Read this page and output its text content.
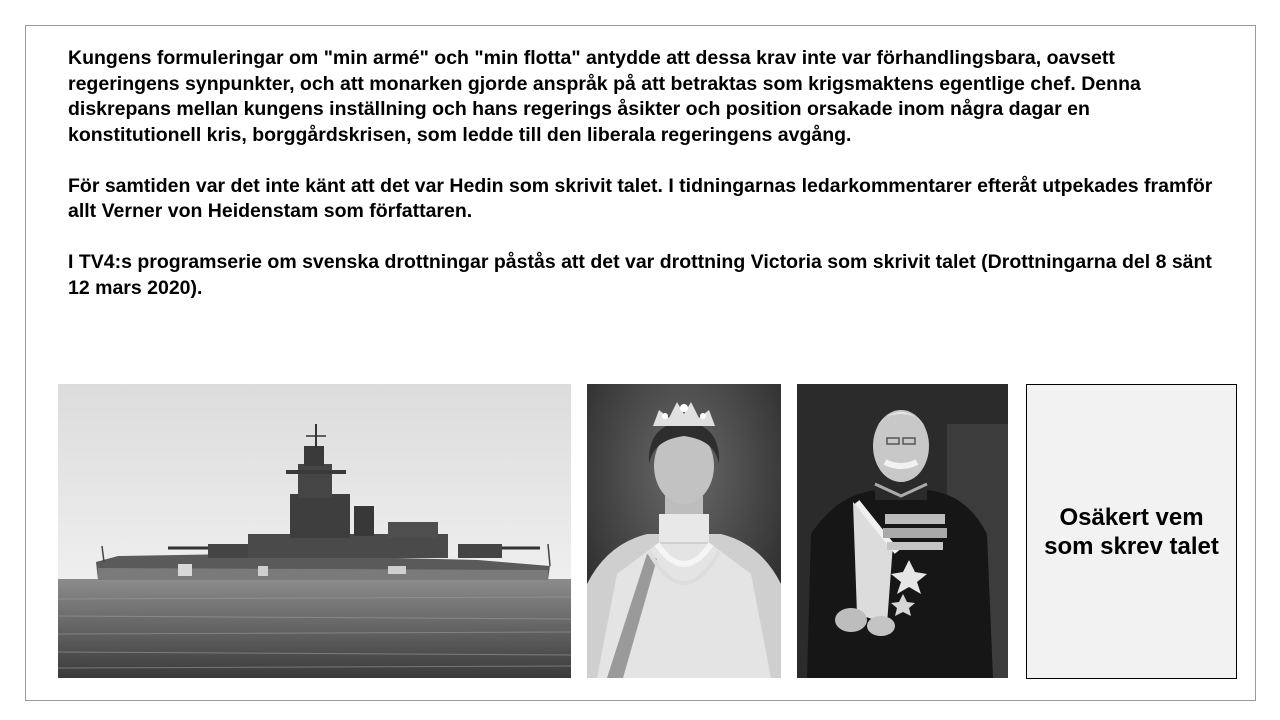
Kungens formuleringar om "min armé" och "min flotta" antydde att dessa krav inte var förhandlingsbara, oavsett regeringens synpunkter, och att monarken gjorde anspråk på att betraktas som krigsmaktens egentlige chef. Denna diskrepans mellan kungens inställning och hans regerings åsikter och position orsakade inom några dagar en konstitutionell kris, borggårdskrisen, som ledde till den liberala regeringens avgång.

För samtiden var det inte känt att det var Hedin som skrivit talet. I tidningarnas ledarkommentarer efteråt utpekades framför allt Verner von Heidenstam som författaren.

I TV4:s programserie om svenska drottningar påstås att det var drottning Victoria som skrivit talet (Drottningarna del 8 sänt 12 mars 2020).

Osäkert vem som skrev talet
